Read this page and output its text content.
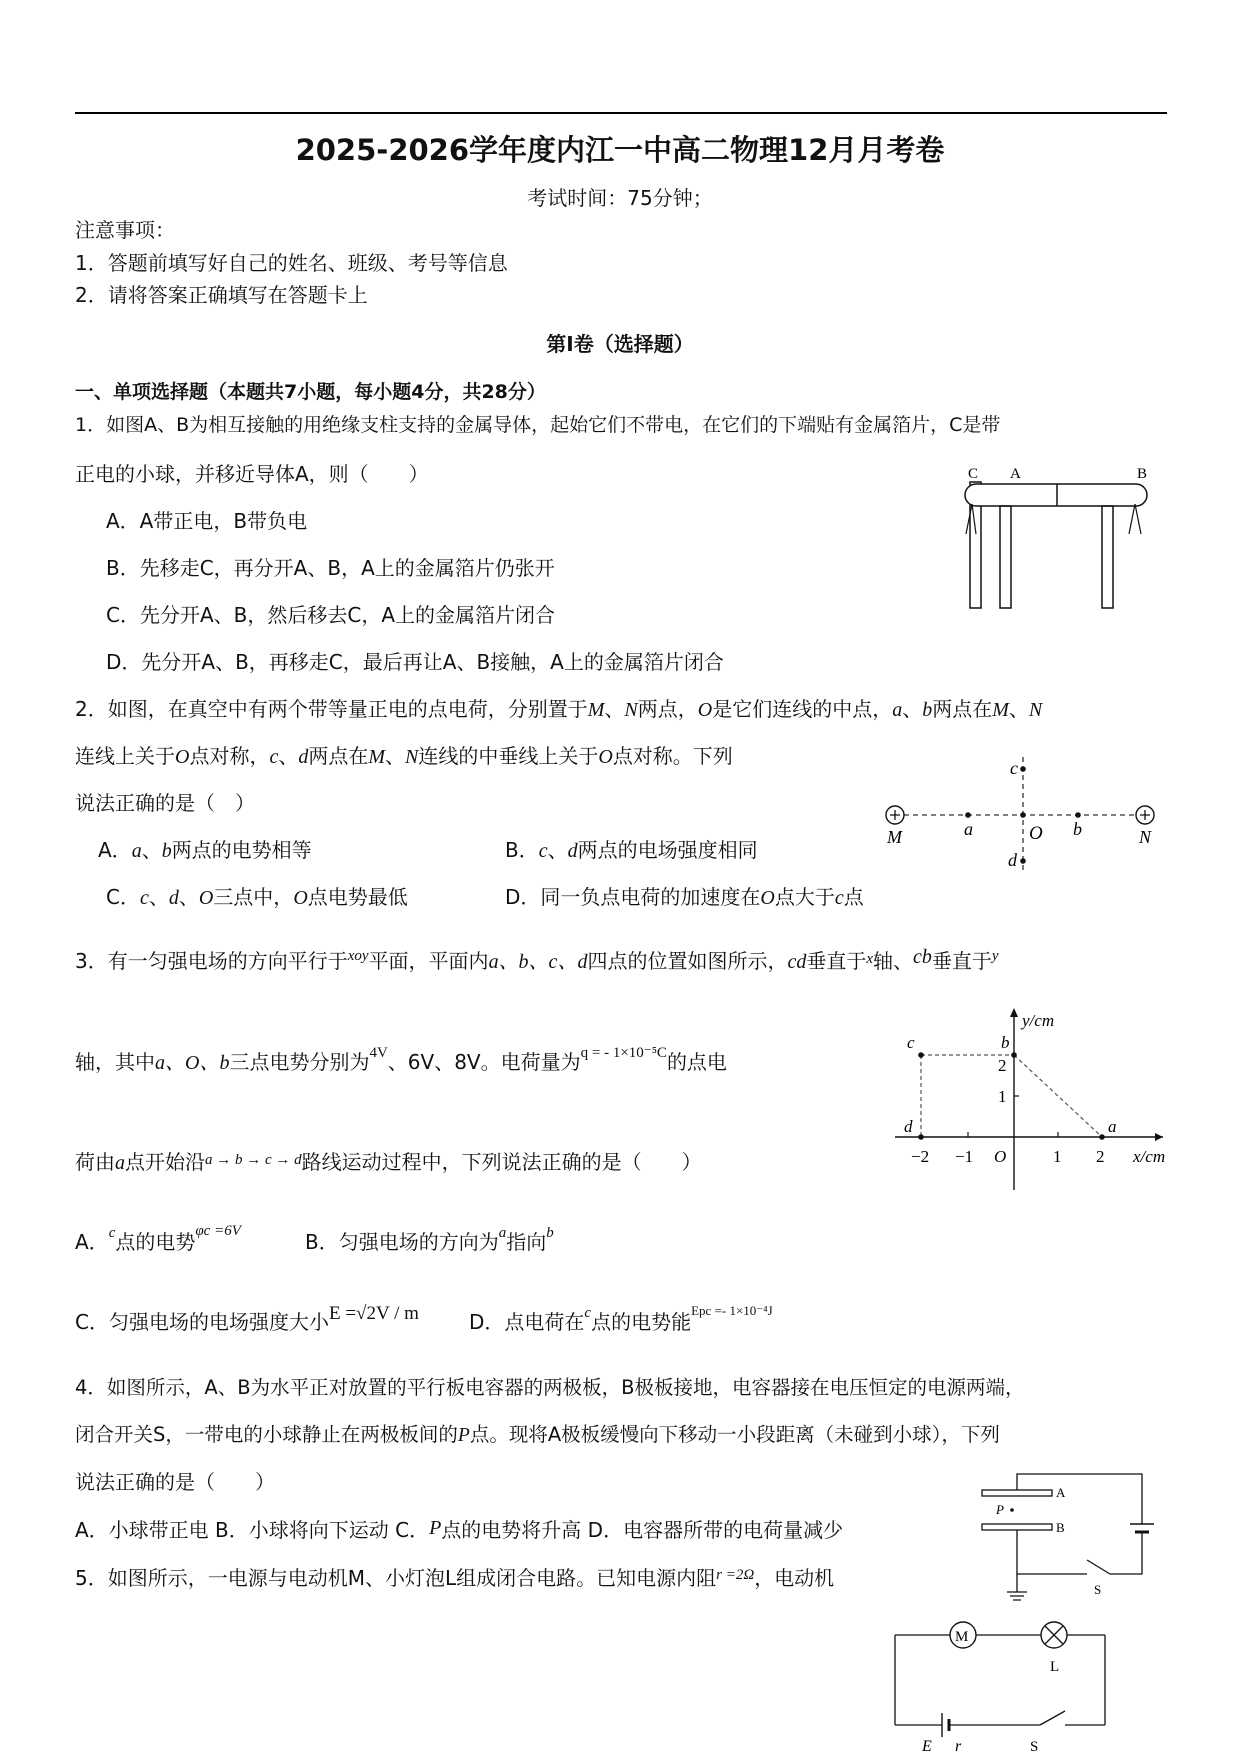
2025-2026学年度内江一中高二物理12月月考卷
考试时间：75分钟；
注意事项：
1．答题前填写好自己的姓名、班级、考号等信息
2．请将答案正确填写在答题卡上
第I卷（选择题）
一、单项选择题（本题共7小题，每小题4分，共28分）
1．如图A、B为相互接触的用绝缘支柱支持的金属导体，起始它们不带电，在它们的下端贴有金属箔片，C是带
正电的小球，并移近导体A，则（　　）
A．A带正电，B带负电
B．先移走C，再分开A、B，A上的金属箔片仍张开
C．先分开A、B，然后移去C，A上的金属箔片闭合
D．先分开A、B，再移走C，最后再让A、B接触，A上的金属箔片闭合
C A	B
2．如图，在真空中有两个带等量正电的点电荷，分别置于M、N两点，O是它们连线的中点，a、b两点在M、N
连线上关于O点对称，c、d两点在M、N连线的中垂线上关于O点对称。下列
说法正确的是（　）
A．a、b两点的电势相等	B．c、d两点的电场强度相同
C．c、d、O三点中，O点电势最低	D．同一负点电荷的加速度在O点大于c点
M	N
a	b
O
c
d
3．有一匀强电场的方向平行于$^{xoy}$平面，平面内a、b、c、d四点的位置如图所示，cd垂直于$^x$轴、cb垂直于$^y$
轴，其中a、O、b三点电势分别为$^{4V}$、6V、8V。电荷量为$^{q = - 1\times 10^{-5}C}$的点电
荷由a点开始沿$^{a \to b \to c \to d}$路线运动过程中，下列说法正确的是（　　）
A．$^c$点的电势$^{\varphi c =6V}$	B．匀强电场的方向为$^a$指向$^b$
C．匀强电场的电场强度大小E =√2V / m	D．点电荷在$^c$点的电势能$^{Epc =- 1\times 10^{-4}J}$
y/cm
x/cm
−2 −1 O	1 2
1
2
c	b
d	a
4．如图所示，A、B为水平正对放置的平行板电容器的两极板，B极板接地，电容器接在电压恒定的电源两端，
闭合开关S，一带电的小球静止在两极板间的P点。现将A极板缓慢向下移动一小段距离（未碰到小球），下列
说法正确的是（　　）
A．小球带正电 B．小球将向下运动 C．P点的电势将升高 D．电容器所带的电荷量减少
A
B
P
S
5．如图所示，一电源与电动机M、小灯泡L组成闭合电路。已知电源内阻$^{r =2\Omega}$，电动机
M
L
E r	S
